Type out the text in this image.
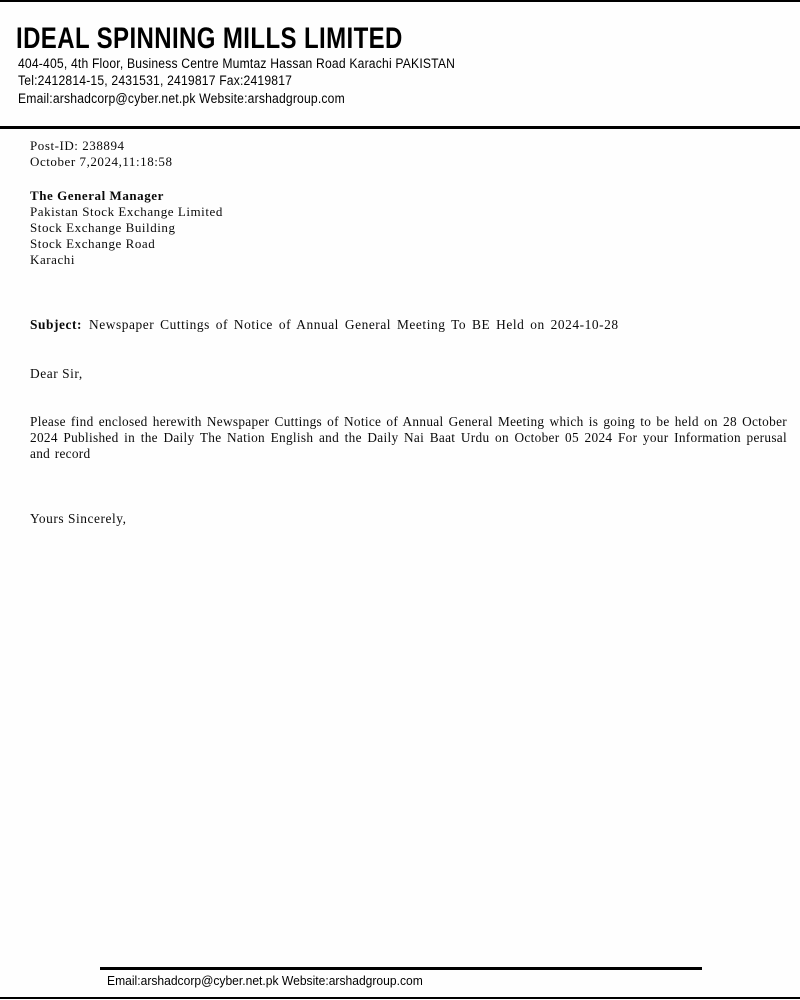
IDEAL SPINNING MILLS LIMITED
404-405, 4th Floor, Business Centre Mumtaz Hassan Road Karachi PAKISTAN
Tel:2412814-15, 2431531, 2419817 Fax:2419817
Email:arshadcorp@cyber.net.pk Website:arshadgroup.com
Post-ID: 238894
October 7,2024,11:18:58
The General Manager
Pakistan Stock Exchange Limited
Stock Exchange Building
Stock Exchange Road
Karachi
Subject: Newspaper Cuttings of Notice of Annual General Meeting To BE Held on 2024-10-28
Dear Sir,
Please find enclosed herewith Newspaper Cuttings of Notice of Annual General Meeting which is going to be held on 28 October 2024 Published in the Daily The Nation English and the Daily Nai Baat Urdu on October 05 2024 For your Information perusal and record
Yours Sincerely,
Email:arshadcorp@cyber.net.pk Website:arshadgroup.com
